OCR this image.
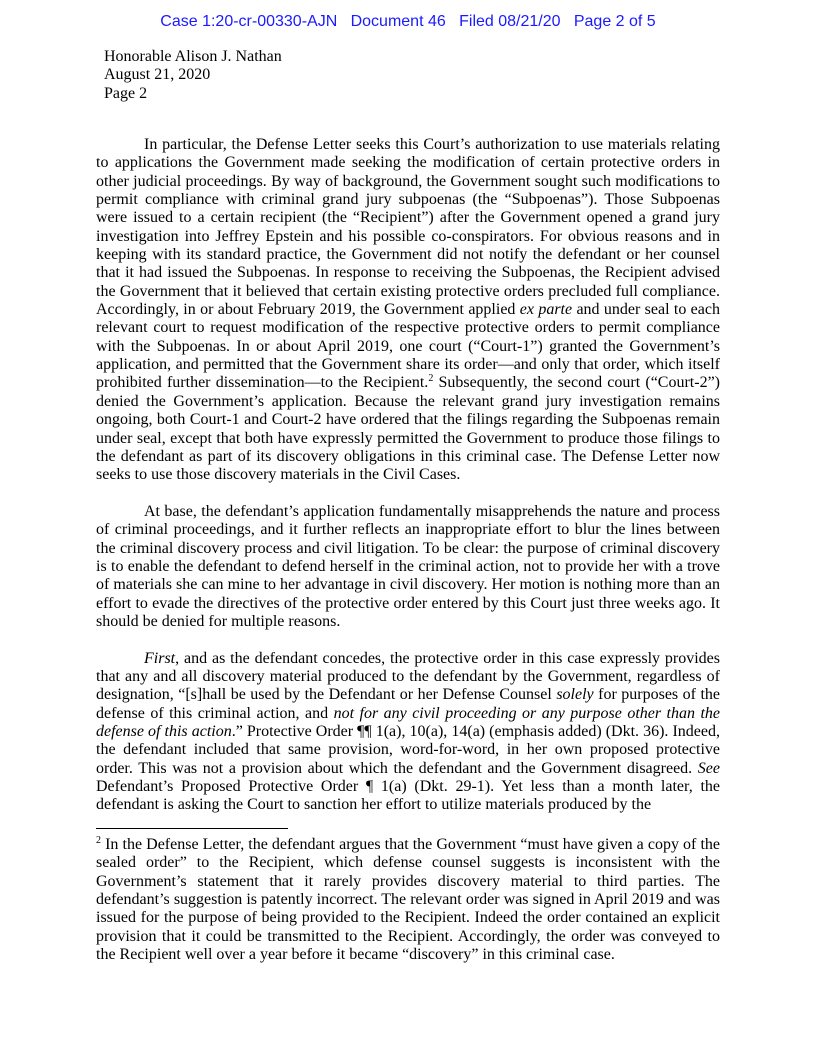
Case 1:20-cr-00330-AJN Document 46 Filed 08/21/20 Page 2 of 5
Honorable Alison J. Nathan
August 21, 2020
Page 2

In particular, the Defense Letter seeks this Court’s authorization to use materials relating to applications the Government made seeking the modification of certain protective orders in other judicial proceedings. By way of background, the Government sought such modifications to permit compliance with criminal grand jury subpoenas (the “Subpoenas”). Those Subpoenas were issued to a certain recipient (the “Recipient”) after the Government opened a grand jury investigation into Jeffrey Epstein and his possible co-conspirators. For obvious reasons and in keeping with its standard practice, the Government did not notify the defendant or her counsel that it had issued the Subpoenas. In response to receiving the Subpoenas, the Recipient advised the Government that it believed that certain existing protective orders precluded full compliance. Accordingly, in or about February 2019, the Government applied ex parte and under seal to each relevant court to request modification of the respective protective orders to permit compliance with the Subpoenas. In or about April 2019, one court (“Court-1”) granted the Government’s application, and permitted that the Government share its order—and only that order, which itself prohibited further dissemination—to the Recipient.$^2$ Subsequently, the second court (“Court-2”) denied the Government’s application. Because the relevant grand jury investigation remains ongoing, both Court-1 and Court-2 have ordered that the filings regarding the Subpoenas remain under seal, except that both have expressly permitted the Government to produce those filings to the defendant as part of its discovery obligations in this criminal case. The Defense Letter now seeks to use those discovery materials in the Civil Cases.

At base, the defendant’s application fundamentally misapprehends the nature and process of criminal proceedings, and it further reflects an inappropriate effort to blur the lines between the criminal discovery process and civil litigation. To be clear: the purpose of criminal discovery is to enable the defendant to defend herself in the criminal action, not to provide her with a trove of materials she can mine to her advantage in civil discovery. Her motion is nothing more than an effort to evade the directives of the protective order entered by this Court just three weeks ago. It should be denied for multiple reasons.

First, and as the defendant concedes, the protective order in this case expressly provides that any and all discovery material produced to the defendant by the Government, regardless of designation, “[s]hall be used by the Defendant or her Defense Counsel solely for purposes of the defense of this criminal action, and not for any civil proceeding or any purpose other than the defense of this action.” Protective Order ¶¶ 1(a), 10(a), 14(a) (emphasis added) (Dkt. 36). Indeed, the defendant included that same provision, word-for-word, in her own proposed protective order. This was not a provision about which the defendant and the Government disagreed. See Defendant’s Proposed Protective Order ¶ 1(a) (Dkt. 29-1). Yet less than a month later, the defendant is asking the Court to sanction her effort to utilize materials produced by the

$^2$ In the Defense Letter, the defendant argues that the Government “must have given a copy of the sealed order” to the Recipient, which defense counsel suggests is inconsistent with the Government’s statement that it rarely provides discovery material to third parties. The defendant’s suggestion is patently incorrect. The relevant order was signed in April 2019 and was issued for the purpose of being provided to the Recipient. Indeed the order contained an explicit provision that it could be transmitted to the Recipient. Accordingly, the order was conveyed to the Recipient well over a year before it became “discovery” in this criminal case.
